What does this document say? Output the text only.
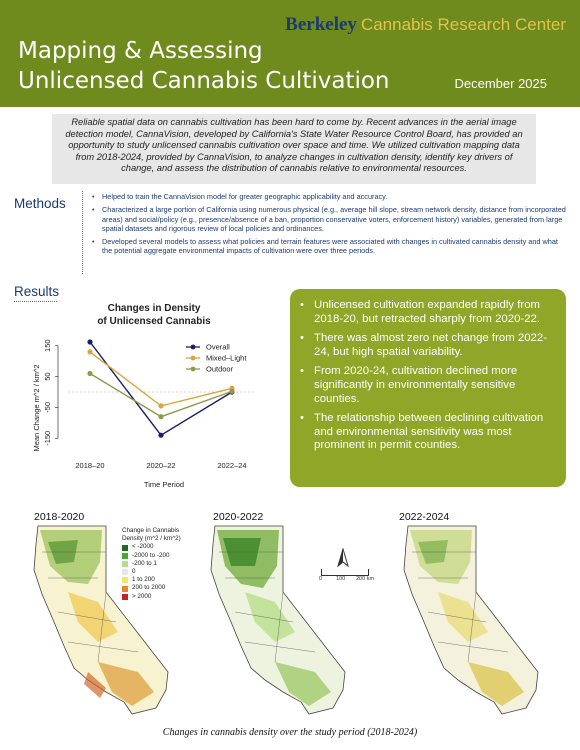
Mapping & Assessing
Unlicensed Cannabis Cultivation	December 2025
Berkeley Cannabis Research Center
Reliable spatial data on cannabis cultivation has been hard to come by. Recent advances in the aerial image detection model, CannaVision, developed by California's State Water Resource Control Board, has provided an opportunity to study unlicensed cannabis cultivation over space and time. We utilized cultivation mapping data from 2018-2024, provided by CannaVision, to analyze changes in cultivation density, identify key drivers of change, and assess the distribution of cannabis relative to environmental resources.
Methods	• Helped to train the CannaVision model for greater geographic applicability and accuracy.
• Characterized a large portion of California using numerous physical (e.g., average hill slope, stream network density, distance from incorporated areas) and social/policy (e.g., presence/absence of a ban, proportion conservative voters, enforcement history) variables, generated from large spatial datasets and rigorous review of local policies and ordinances.
• Developed several models to assess what policies and terrain features were associated with changes in cultivated cannabis density and what the potential aggregate environmental impacts of cultivation were over three periods.
Results
Changes in Density
of Unlicensed Cannabis
Mean Change m^2 / km^2
Time Period
150
50
-50
-150
2018–20	2020–22	2022–24
Overall
Mixed–Light
Outdoor
• Unlicensed cultivation expanded rapidly from 2018-20, but retracted sharply from 2020-22.
• There was almost zero net change from 2022-24, but high spatial variability.
• From 2020-24, cultivation declined more significantly in environmentally sensitive counties.
• The relationship between declining cultivation and environmental sensitivity was most prominent in permit counties.
2018-2020	2020-2022	2022-2024
Change in Cannabis
Density (m^2 / km^2)
< -2000
-2000 to -200
-200 to 1
0
1 to 200
200 to 2000
> 2000
0	100 200 km
Changes in cannabis density over the study period (2018-2024)
